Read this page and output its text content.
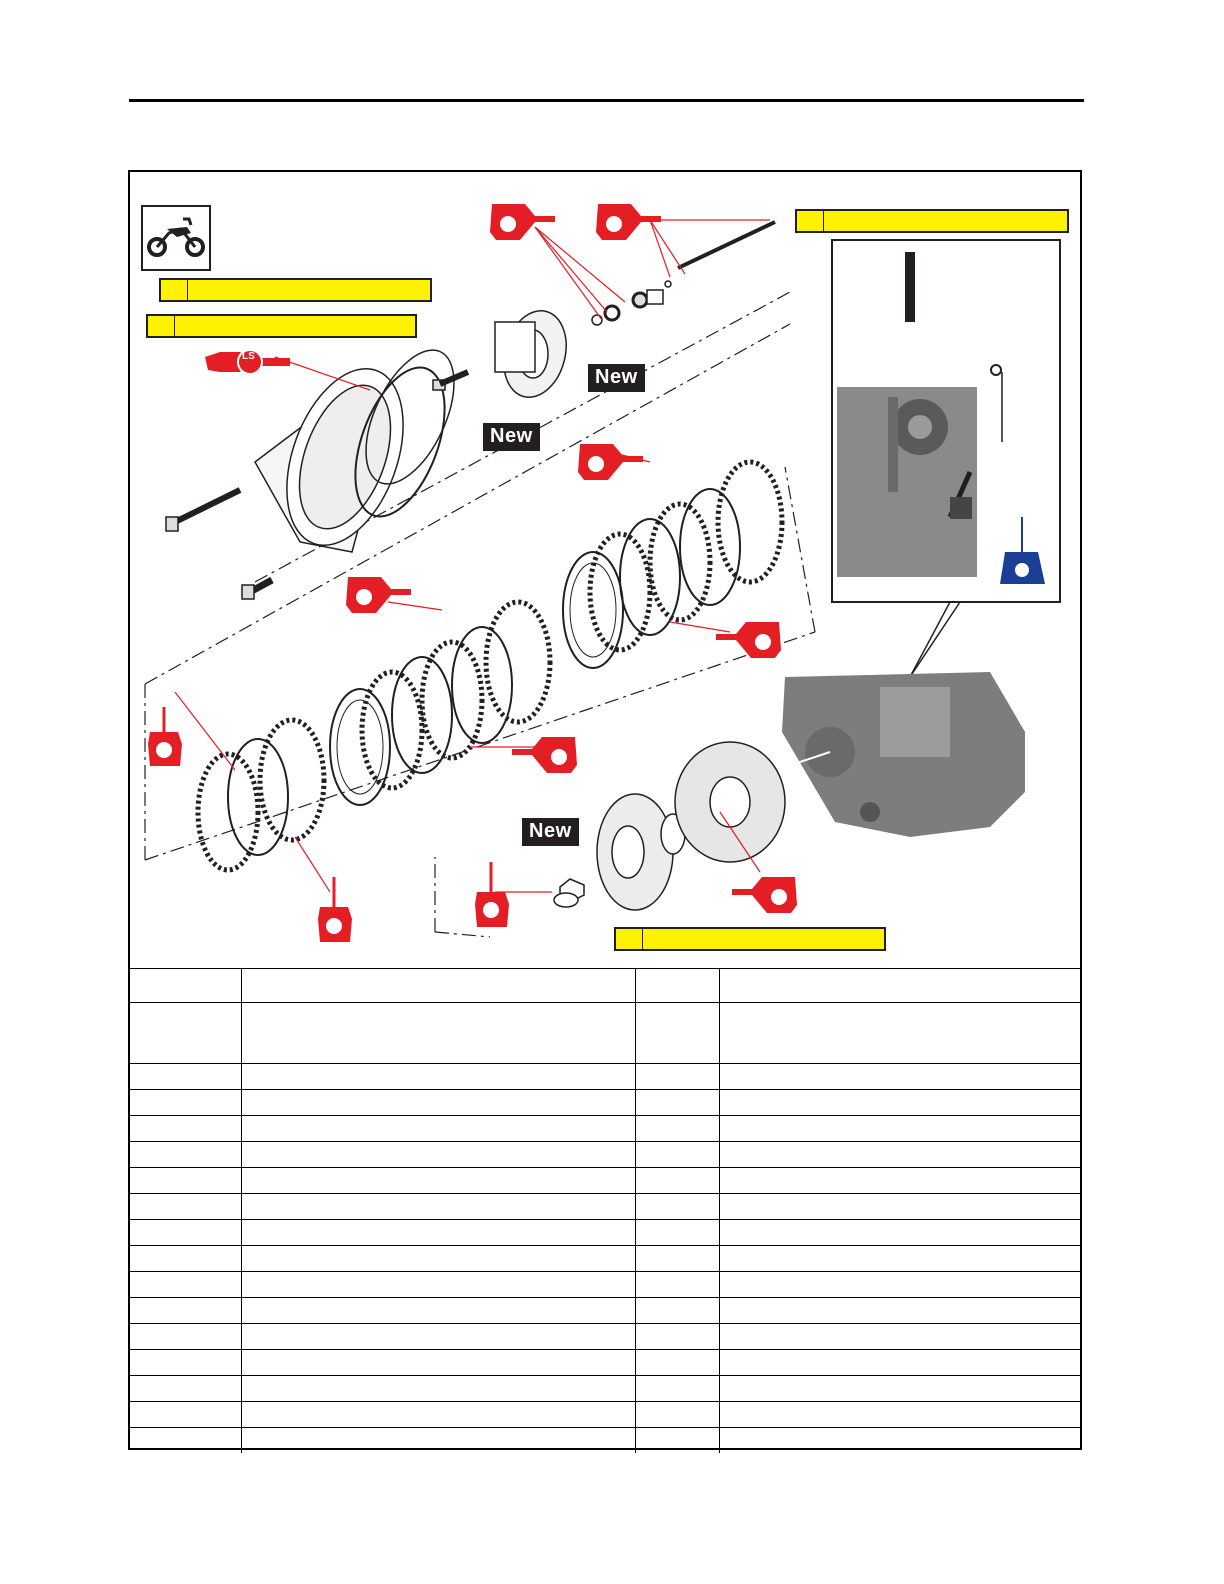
New
New
New
LS
